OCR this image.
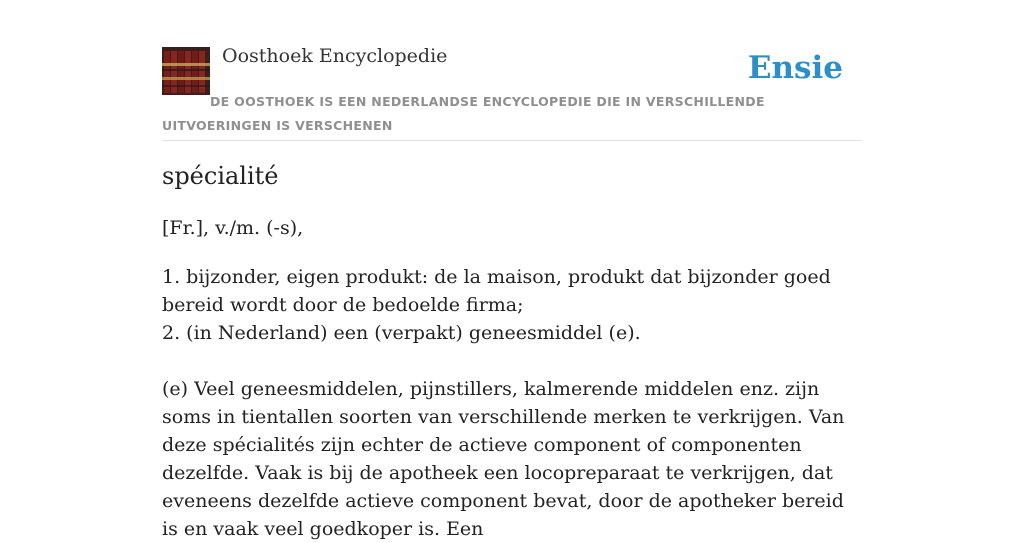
Oosthoek Encyclopedie	Ensie
DE OOSTHOEK IS EEN NEDERLANDSE ENCYCLOPEDIE DIE IN VERSCHILLENDE UITVOERINGEN IS VERSCHENEN
spécialité
[Fr.], v./m. (-s),

1. bijzonder, eigen produkt: de la maison, produkt dat bijzonder goed bereid wordt door de bedoelde firma;

2. (in Nederland) een (verpakt) geneesmiddel (e).

(e) Veel geneesmiddelen, pijnstillers, kalmerende middelen enz. zijn soms in tientallen soorten van verschillende merken te verkrijgen. Van deze spécialités zijn echter de actieve component of componenten dezelfde. Vaak is bij de apotheek een locopreparaat te verkrijgen, dat eveneens dezelfde actieve component bevat, door de apotheker bereid is en vaak veel goedkoper is. Een
